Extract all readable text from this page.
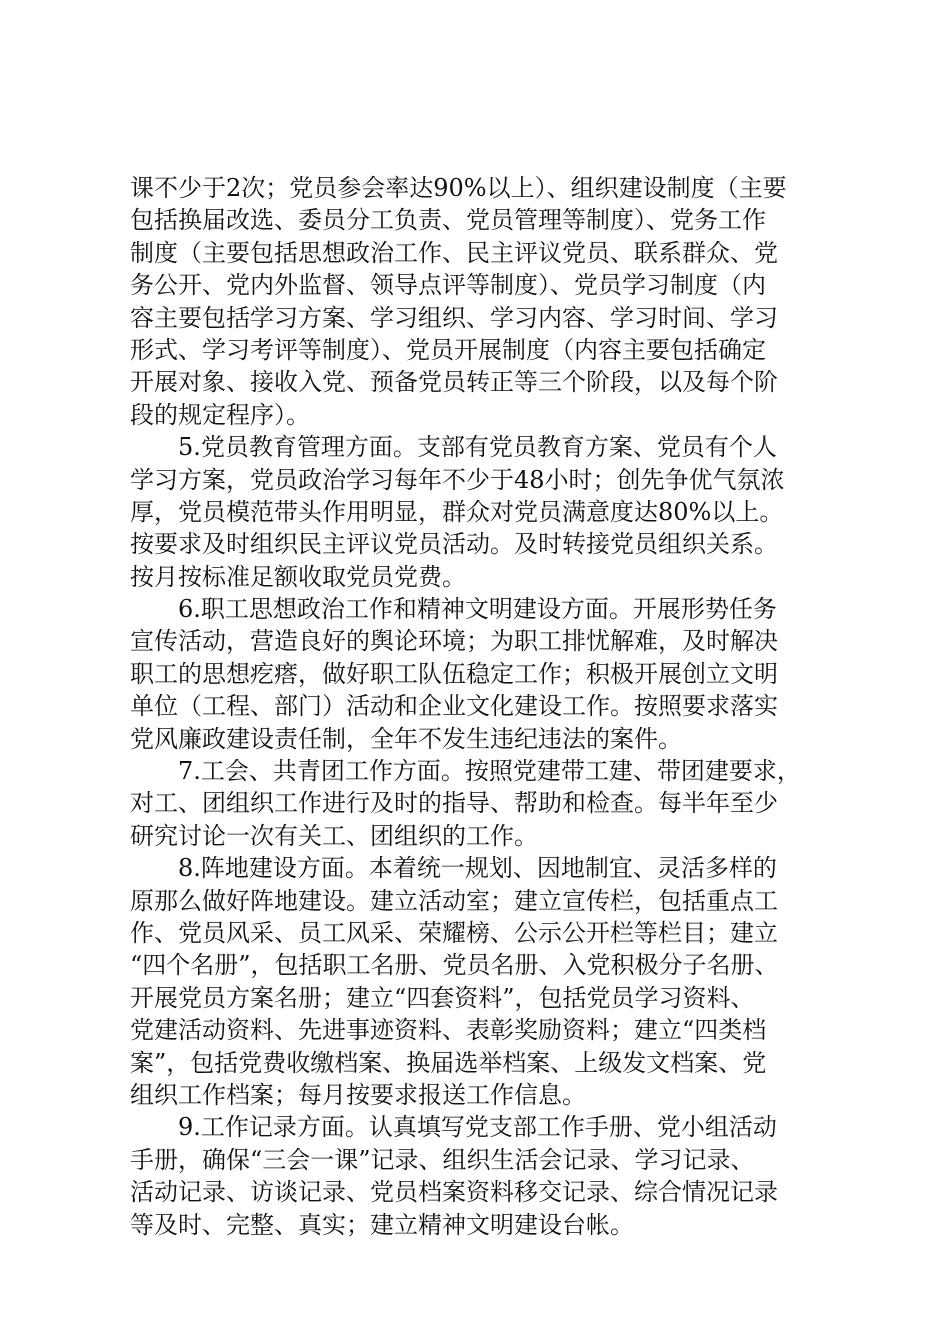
课不少于2次；党员参会率达90%以上）、组织建设制度（主要
包括换届改选、委员分工负责、党员管理等制度）、党务工作
制度（主要包括思想政治工作、民主评议党员、联系群众、党
务公开、党内外监督、领导点评等制度）、党员学习制度（内
容主要包括学习方案、学习组织、学习内容、学习时间、学习
形式、学习考评等制度）、党员开展制度（内容主要包括确定
开展对象、接收入党、预备党员转正等三个阶段，以及每个阶
段的规定程序）。
5.党员教育管理方面。支部有党员教育方案、党员有个人
学习方案，党员政治学习每年不少于48小时；创先争优气氛浓
厚，党员模范带头作用明显，群众对党员满意度达80%以上。
按要求及时组织民主评议党员活动。及时转接党员组织关系。
按月按标准足额收取党员党费。
6.职工思想政治工作和精神文明建设方面。开展形势任务
宣传活动，营造良好的舆论环境；为职工排忧解难，及时解决
职工的思想疙瘩，做好职工队伍稳定工作；积极开展创立文明
单位（工程、部门）活动和企业文化建设工作。按照要求落实
党风廉政建设责任制，全年不发生违纪违法的案件。
7.工会、共青团工作方面。按照党建带工建、带团建要求，
对工、团组织工作进行及时的指导、帮助和检查。每半年至少
研究讨论一次有关工、团组织的工作。
8.阵地建设方面。本着统一规划、因地制宜、灵活多样的
原那么做好阵地建设。建立活动室；建立宣传栏，包括重点工
作、党员风采、员工风采、荣耀榜、公示公开栏等栏目；建立
“四个名册”，包括职工名册、党员名册、入党积极分子名册、
开展党员方案名册；建立“四套资料”，包括党员学习资料、
党建活动资料、先进事迹资料、表彰奖励资料；建立“四类档
案”，包括党费收缴档案、换届选举档案、上级发文档案、党
组织工作档案；每月按要求报送工作信息。
9.工作记录方面。认真填写党支部工作手册、党小组活动
手册，确保“三会一课”记录、组织生活会记录、学习记录、
活动记录、访谈记录、党员档案资料移交记录、综合情况记录
等及时、完整、真实；建立精神文明建设台帐。
